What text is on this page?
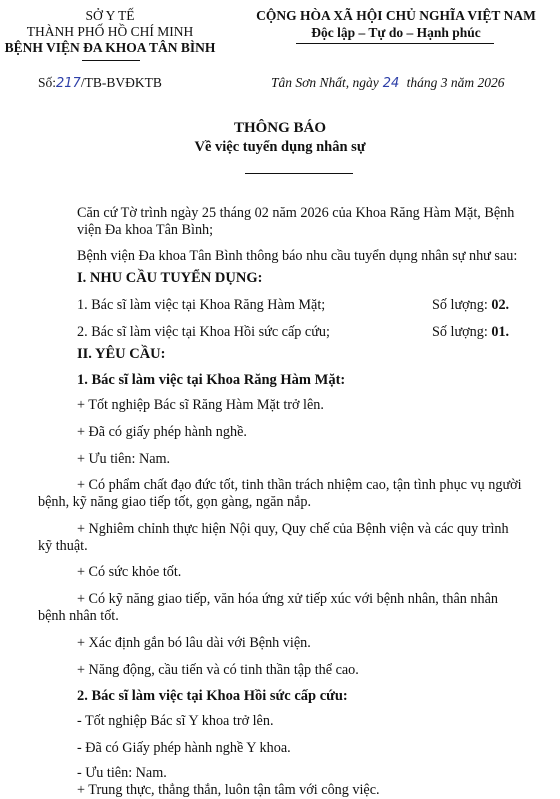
SỞ Y TẾ
THÀNH PHỐ HỒ CHÍ MINH
BỆNH VIỆN ĐA KHOA TÂN BÌNH
CỘNG HÒA XÃ HỘI CHỦ NGHĨA VIỆT NAM
Độc lập – Tự do – Hạnh phúc
Số:217/TB-BVĐKTB	Tân Sơn Nhất, ngày 24 tháng 3 năm 2026
THÔNG BÁO
Về việc tuyển dụng nhân sự
Căn cứ Tờ trình ngày 25 tháng 02 năm 2026 của Khoa Răng Hàm Mặt, Bệnh
viện Đa khoa Tân Bình;
Bệnh viện Đa khoa Tân Bình thông báo nhu cầu tuyển dụng nhân sự như sau:
I. NHU CẦU TUYỂN DỤNG:
1. Bác sĩ làm việc tại Khoa Răng Hàm Mặt;	Số lượng: 02.
2. Bác sĩ làm việc tại Khoa Hồi sức cấp cứu;	Số lượng: 01.
II. YÊU CẦU:
1. Bác sĩ làm việc tại Khoa Răng Hàm Mặt:
+ Tốt nghiệp Bác sĩ Răng Hàm Mặt trở lên.
+ Đã có giấy phép hành nghề.
+ Ưu tiên: Nam.
+ Có phẩm chất đạo đức tốt, tinh thần trách nhiệm cao, tận tình phục vụ người
bệnh, kỹ năng giao tiếp tốt, gọn gàng, ngăn nắp.
+ Nghiêm chỉnh thực hiện Nội quy, Quy chế của Bệnh viện và các quy trình
kỹ thuật.
+ Có sức khỏe tốt.
+ Có kỹ năng giao tiếp, văn hóa ứng xử tiếp xúc với bệnh nhân, thân nhân
bệnh nhân tốt.
+ Xác định gắn bó lâu dài với Bệnh viện.
+ Năng động, cầu tiến và có tinh thần tập thể cao.
2. Bác sĩ làm việc tại Khoa Hồi sức cấp cứu:
- Tốt nghiệp Bác sĩ Y khoa trở lên.
- Đã có Giấy phép hành nghề Y khoa.
- Ưu tiên: Nam.
+ Trung thực, thẳng thắn, luôn tận tâm với công việc.
